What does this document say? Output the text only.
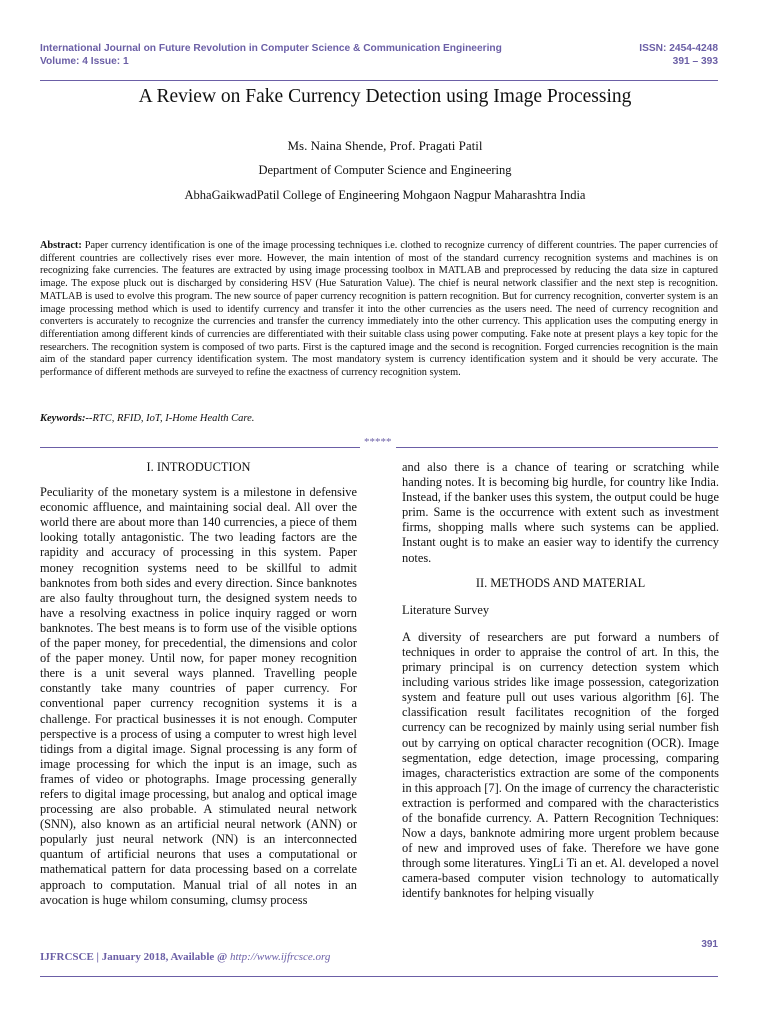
International Journal on Future Revolution in Computer Science & Communication Engineering
Volume: 4 Issue: 1
ISSN: 2454-4248
391 – 393
A Review on Fake Currency Detection using Image Processing
Ms. Naina Shende, Prof. Pragati Patil
Department of Computer Science and Engineering
AbhaGaikwadPatil College of Engineering Mohgaon Nagpur Maharashtra India
Abstract: Paper currency identification is one of the image processing techniques i.e. clothed to recognize currency of different countries. The paper currencies of different countries are collectively rises ever more. However, the main intention of most of the standard currency recognition systems and machines is on recognizing fake currencies. The features are extracted by using image processing toolbox in MATLAB and preprocessed by reducing the data size in captured image. The expose pluck out is discharged by considering HSV (Hue Saturation Value). The chief is neural network classifier and the next step is recognition. MATLAB is used to evolve this program. The new source of paper currency recognition is pattern recognition. But for currency recognition, converter system is an image processing method which is used to identify currency and transfer it into the other currencies as the users need. The need of currency recognition and converters is accurately to recognize the currencies and transfer the currency immediately into the other currency. This application uses the computing energy in differentiation among different kinds of currencies are differentiated with their suitable class using power computing. Fake note at present plays a key topic for the researchers. The recognition system is composed of two parts. First is the captured image and the second is recognition. Forged currencies recognition is the main aim of the standard paper currency identification system. The most mandatory system is currency identification system and it should be very accurate. The performance of different methods are surveyed to refine the exactness of currency recognition system.
Keywords:--RTC, RFID, IoT, I-Home Health Care.
*****
I. INTRODUCTION

Peculiarity of the monetary system is a milestone in defensive economic affluence, and maintaining social deal. All over the world there are about more than 140 currencies, a piece of them looking totally antagonistic. The two leading factors are the rapidity and accuracy of processing in this system. Paper money recognition systems need to be skillful to admit banknotes from both sides and every direction. Since banknotes are also faulty throughout turn, the designed system needs to have a resolving exactness in police inquiry ragged or worn banknotes. The best means is to form use of the visible options of the paper money, for precedential, the dimensions and color of the paper money. Until now, for paper money recognition there is a unit several ways planned. Travelling people constantly take many countries of paper currency. For conventional paper currency recognition systems it is a challenge. For practical businesses it is not enough. Computer perspective is a process of using a computer to wrest high level tidings from a digital image. Signal processing is any form of image processing for which the input is an image, such as frames of video or photographs. Image processing generally refers to digital image processing, but analog and optical image processing are also probable. A stimulated neural network (SNN), also known as an artificial neural network (ANN) or popularly just neural network (NN) is an interconnected quantum of artificial neurons that uses a computational or mathematical pattern for data processing based on a correlate approach to computation. Manual trial of all notes in an avocation is huge whilom consuming, clumsy process

and also there is a chance of tearing or scratching while handing notes. It is becoming big hurdle, for country like India. Instead, if the banker uses this system, the output could be huge prim. Same is the occurrence with extent such as investment firms, shopping malls where such systems can be applied. Instant ought is to make an easier way to identify the currency notes.

II. METHODS AND MATERIAL

Literature Survey

A diversity of researchers are put forward a numbers of techniques in order to appraise the control of art. In this, the primary principal is on currency detection system which including various strides like image possession, categorization system and feature pull out uses various algorithm [6]. The classification result facilitates recognition of the forged currency can be recognized by mainly using serial number fish out by carrying on optical character recognition (OCR). Image segmentation, edge detection, image processing, comparing images, characteristics extraction are some of the components in this approach [7]. On the image of currency the characteristic extraction is performed and compared with the characteristics of the bonafide currency. A. Pattern Recognition Techniques: Now a days, banknote admiring more urgent problem because of new and improved uses of fake. Therefore we have gone through some literatures. YingLi Ti an et. Al. developed a novel camera-based computer vision technology to automatically identify banknotes for helping visually

391
IJFRCSCE | January 2018, Available @ http://www.ijfrcsce.org
